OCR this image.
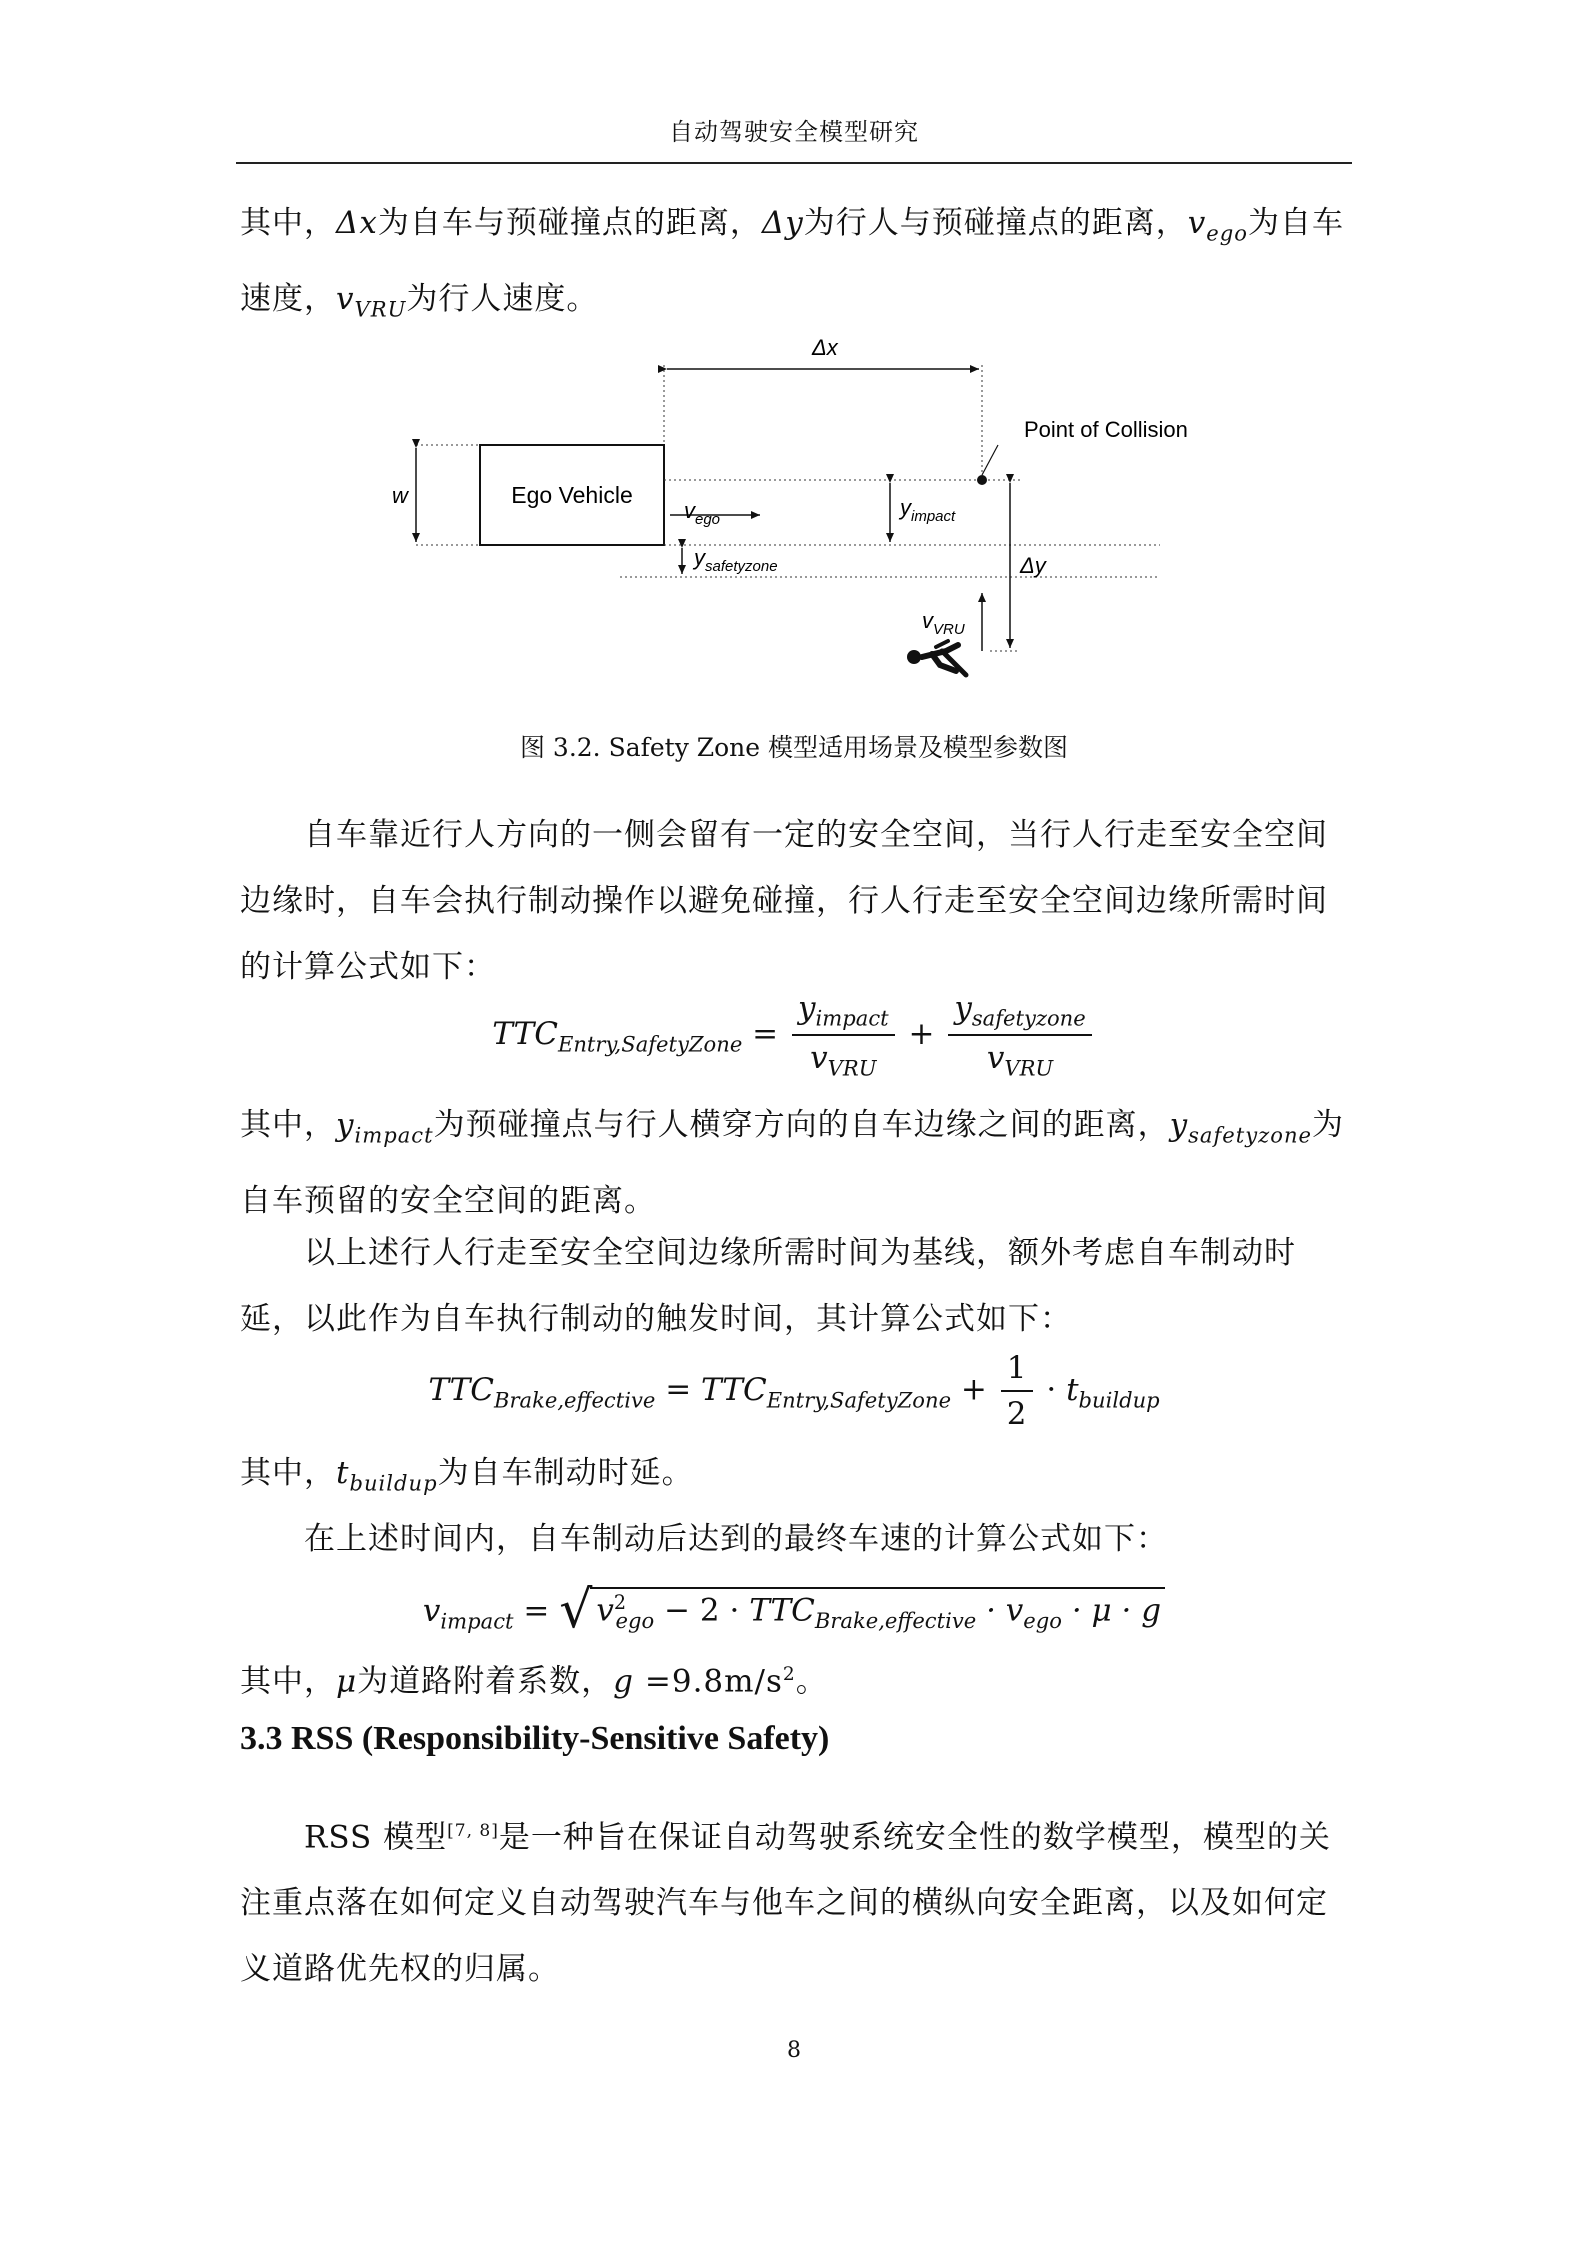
自动驾驶安全模型研究
其中，Δx为自车与预碰撞点的距离，Δy为行人与预碰撞点的距离，$v_{ego}$为自车速度，$v_{VRU}$为行人速度。
Ego Vehicle
w
Δx
$v_{ego}$	$y_{impact}$
$y_{safetyzone}$
Point of Collision
Δy
$v_{VRU}$
图 3.2. Safety Zone 模型适用场景及模型参数图
自车靠近行人方向的一侧会留有一定的安全空间，当行人行走至安全空间边缘时，自车会执行制动操作以避免碰撞，行人行走至安全空间边缘所需时间的计算公式如下：
$TTC_{Entry,SafetyZone} = \frac{y_{impact}}{v_{VRU}} + \frac{y_{safetyzone}}{v_{VRU}}$
其中，$y_{impact}$为预碰撞点与行人横穿方向的自车边缘之间的距离，$y_{safetyzone}$为自车预留的安全空间的距离。
以上述行人行走至安全空间边缘所需时间为基线，额外考虑自车制动时延，以此作为自车执行制动的触发时间，其计算公式如下：
$TTC_{Brake,effective} = TTC_{Entry,SafetyZone} + \frac{1}{2} \cdot t_{buildup}$
其中，$t_{buildup}$为自车制动时延。
在上述时间内，自车制动后达到的最终车速的计算公式如下：
$v_{impact}$ = √ $v^2_{ego} - 2 \cdot TTC_{Brake,effective} \cdot v_{ego} \cdot \mu \cdot g$
其中，μ为道路附着系数，$g =9.8m/s^2$。
3.3 RSS (Responsibility-Sensitive Safety)
RSS 模型[7, 8]是一种旨在保证自动驾驶系统安全性的数学模型，模型的关注重点落在如何定义自动驾驶汽车与他车之间的横纵向安全距离，以及如何定义道路优先权的归属。
8
